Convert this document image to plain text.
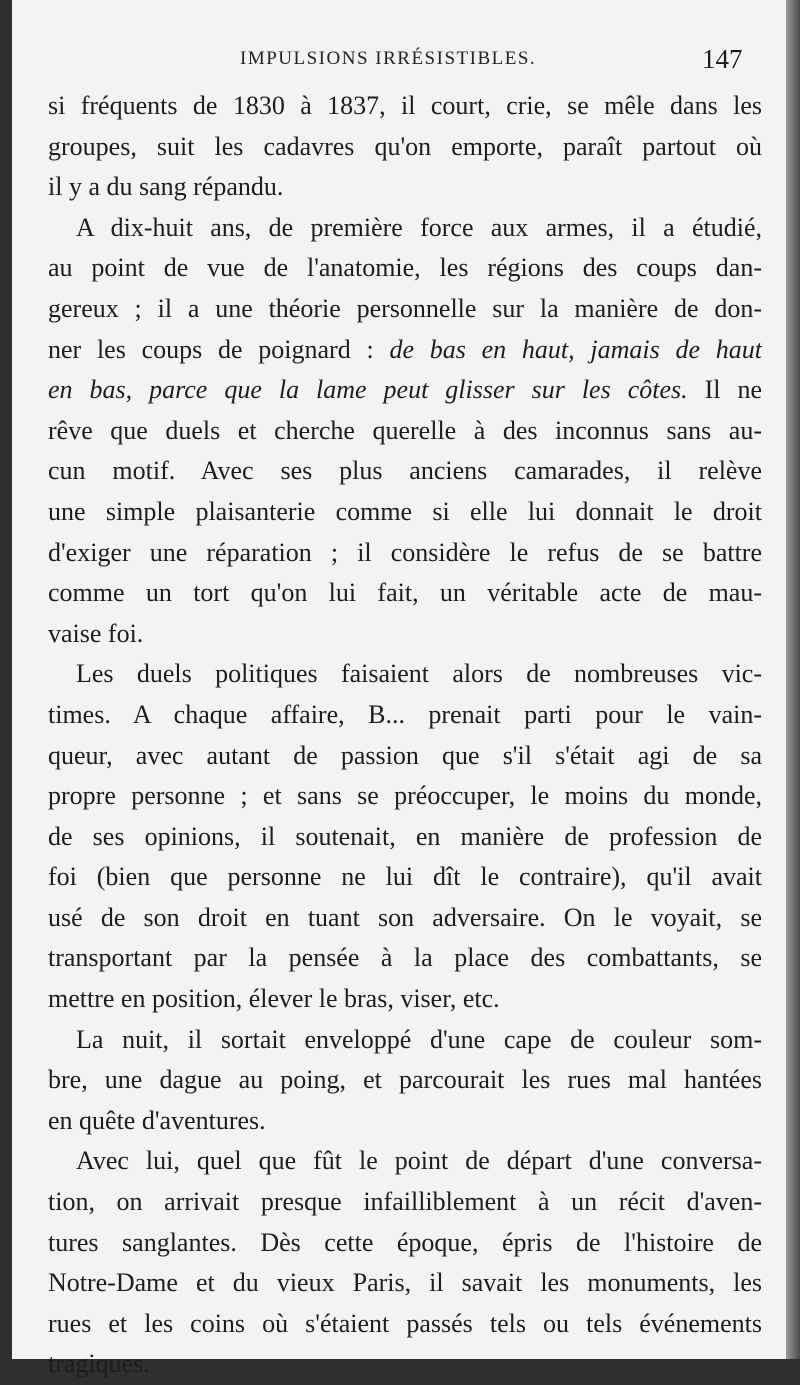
IMPULSIONS IRRÉSISTIBLES.	147
si fréquents de 1830 à 1837, il court, crie, se mêle dans les
groupes, suit les cadavres qu'on emporte, paraît partout où
il y a du sang répandu.
A dix-huit ans, de première force aux armes, il a étudié,
au point de vue de l'anatomie, les régions des coups dan-
gereux ; il a une théorie personnelle sur la manière de don-
ner les coups de poignard : de bas en haut, jamais de haut
en bas, parce que la lame peut glisser sur les côtes. Il ne
rêve que duels et cherche querelle à des inconnus sans au-
cun motif. Avec ses plus anciens camarades, il relève
une simple plaisanterie comme si elle lui donnait le droit
d'exiger une réparation ; il considère le refus de se battre
comme un tort qu'on lui fait, un véritable acte de mau-
vaise foi.
Les duels politiques faisaient alors de nombreuses vic-
times. A chaque affaire, B... prenait parti pour le vain-
queur, avec autant de passion que s'il s'était agi de sa
propre personne ; et sans se préoccuper, le moins du monde,
de ses opinions, il soutenait, en manière de profession de
foi (bien que personne ne lui dît le contraire), qu'il avait
usé de son droit en tuant son adversaire. On le voyait, se
transportant par la pensée à la place des combattants, se
mettre en position, élever le bras, viser, etc.
La nuit, il sortait enveloppé d'une cape de couleur som-
bre, une dague au poing, et parcourait les rues mal hantées
en quête d'aventures.
Avec lui, quel que fût le point de départ d'une conversa-
tion, on arrivait presque infailliblement à un récit d'aven-
tures sanglantes. Dès cette époque, épris de l'histoire de
Notre-Dame et du vieux Paris, il savait les monuments, les
rues et les coins où s'étaient passés tels ou tels événements
tragiques.
